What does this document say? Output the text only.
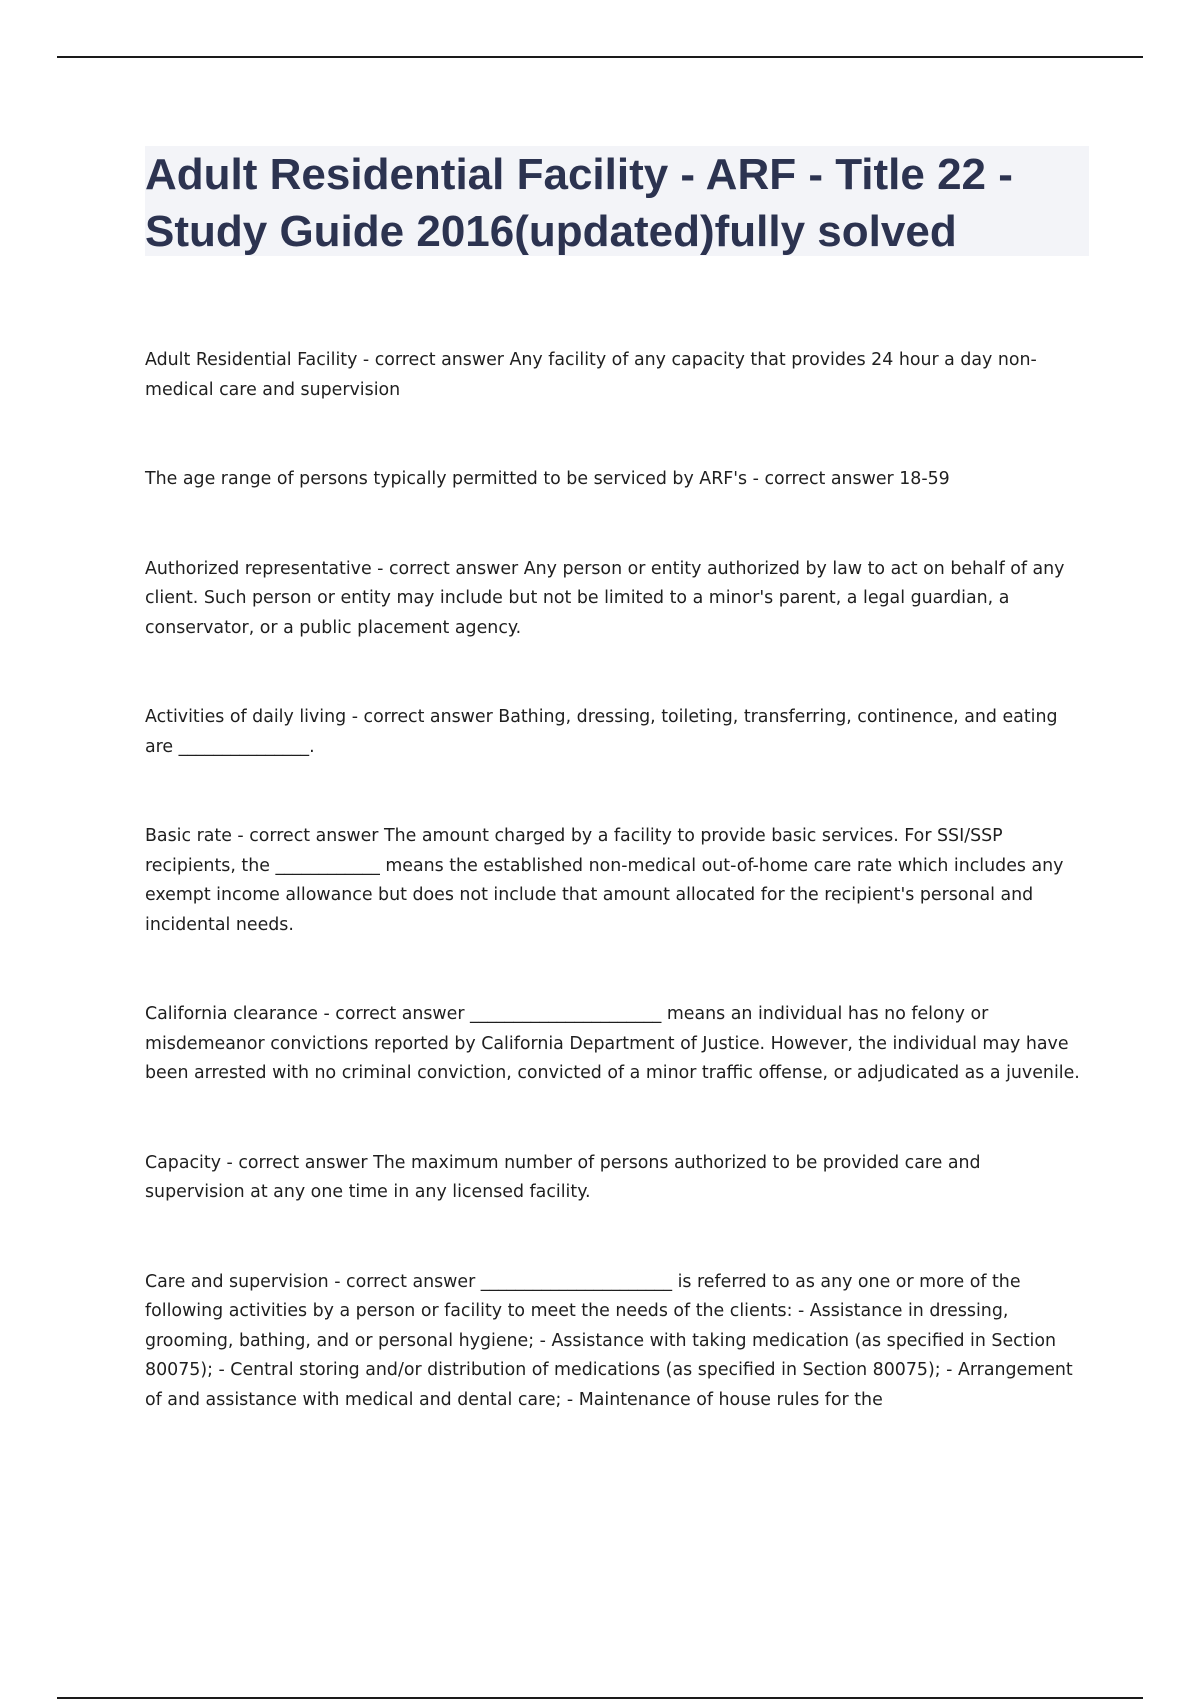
Adult Residential Facility - ARF - Title 22 - Study Guide 2016(updated)fully solved

Adult Residential Facility - correct answer Any facility of any capacity that provides 24 hour a day non-medical care and supervision

The age range of persons typically permitted to be serviced by ARF's - correct answer 18-59

Authorized representative - correct answer Any person or entity authorized by law to act on behalf of any client. Such person or entity may include but not be limited to a minor's parent, a legal guardian, a conservator, or a public placement agency.

Activities of daily living - correct answer Bathing, dressing, toileting, transferring, continence, and eating are _______________.

Basic rate - correct answer The amount charged by a facility to provide basic services. For SSI/SSP recipients, the ____________ means the established non-medical out-of-home care rate which includes any exempt income allowance but does not include that amount allocated for the recipient's personal and incidental needs.

California clearance - correct answer ______________________ means an individual has no felony or misdemeanor convictions reported by California Department of Justice. However, the individual may have been arrested with no criminal conviction, convicted of a minor traffic offense, or adjudicated as a juvenile.

Capacity - correct answer The maximum number of persons authorized to be provided care and supervision at any one time in any licensed facility.

Care and supervision - correct answer ______________________ is referred to as any one or more of the following activities by a person or facility to meet the needs of the clients: - Assistance in dressing, grooming, bathing, and or personal hygiene; - Assistance with taking medication (as specified in Section 80075); - Central storing and/or distribution of medications (as specified in Section 80075); - Arrangement of and assistance with medical and dental care; - Maintenance of house rules for the
